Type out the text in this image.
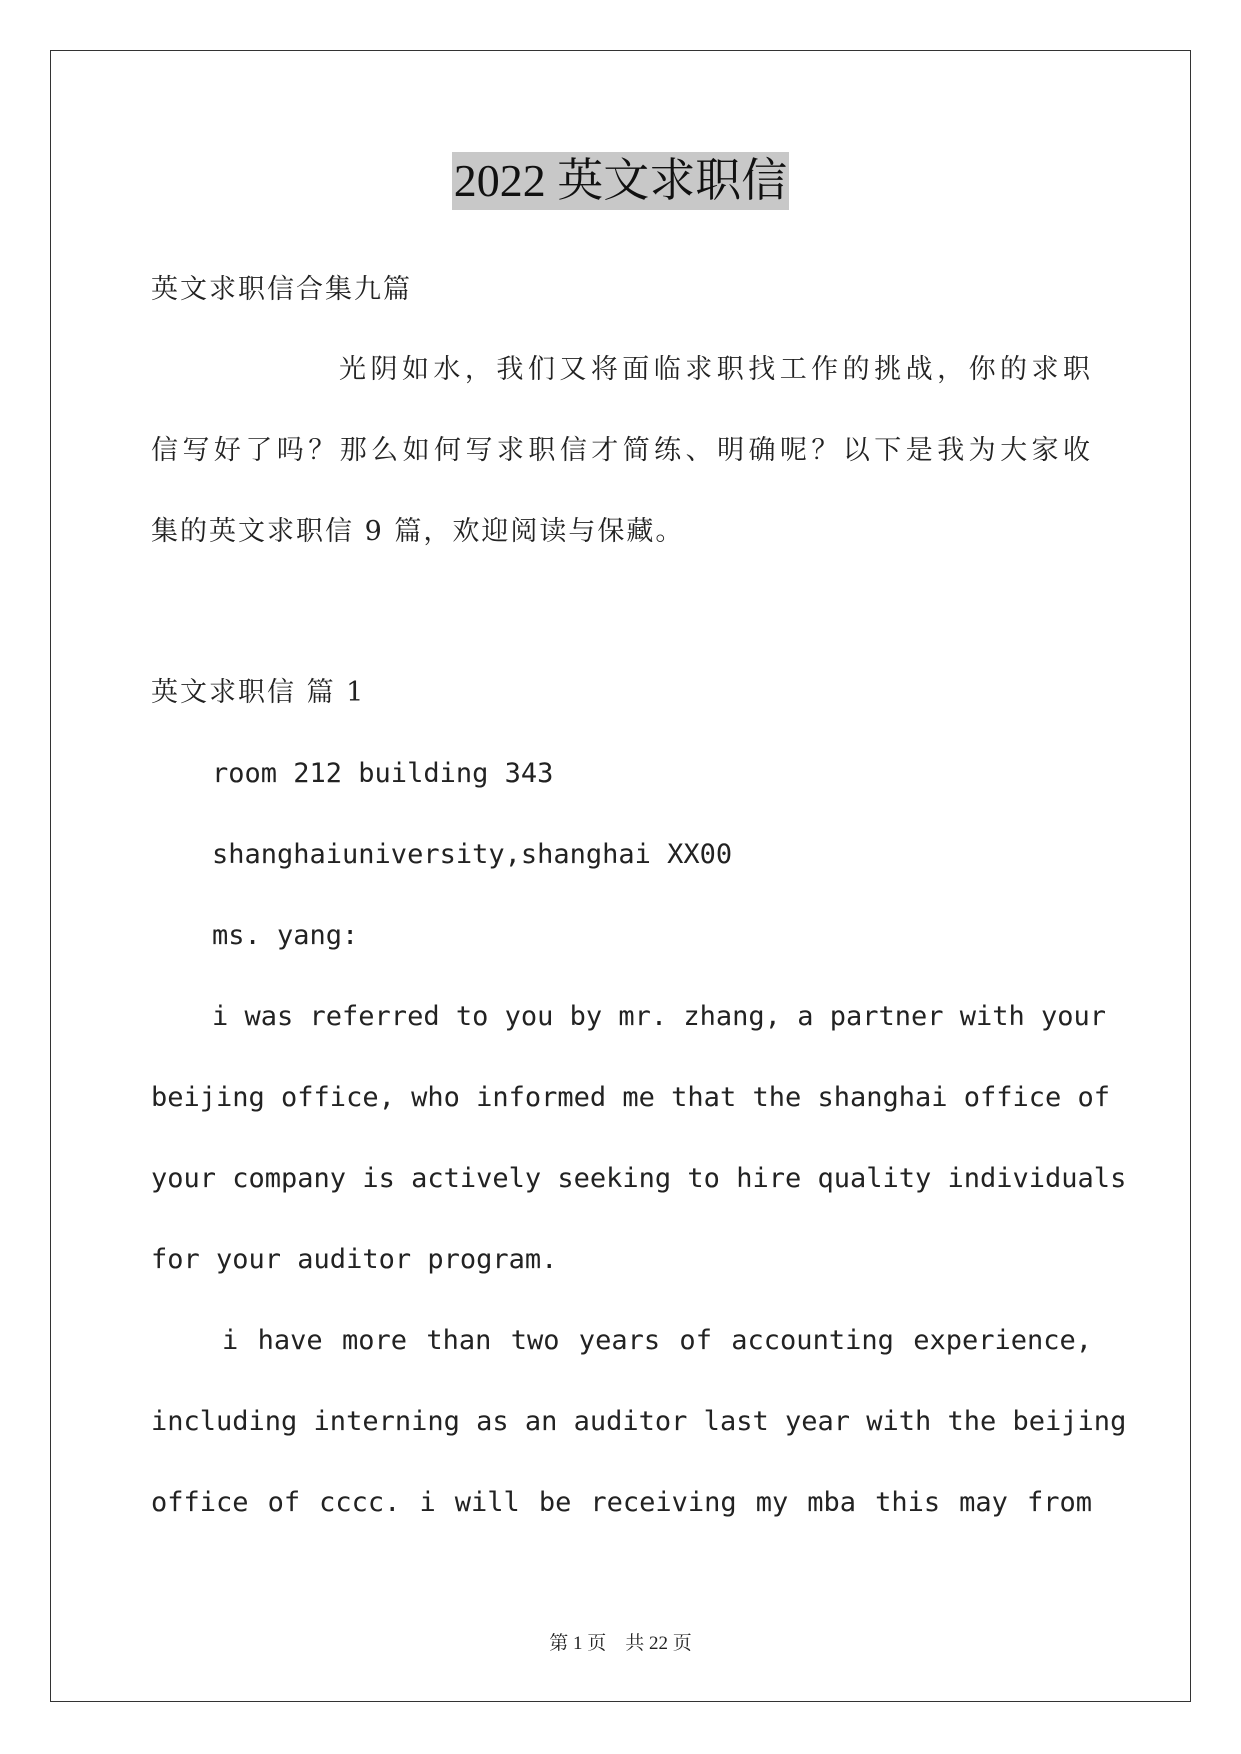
2022 英文求职信
英文求职信合集九篇
光阴如水，我们又将面临求职找工作的挑战，你的求职
信写好了吗？那么如何写求职信才简练、明确呢？以下是我为大家收
集的英文求职信 9 篇，欢迎阅读与保藏。
英文求职信 篇 1
room 212 building 343
shanghaiuniversity,shanghai XX00
ms. yang:
i was referred to you by mr. zhang, a partner with your
beijing office, who informed me that the shanghai office of
your company is actively seeking to hire quality individuals
for your auditor program.
i have more than two years of accounting experience,
including interning as an auditor last year with the beijing
office of cccc. i will be receiving my mba this may from
第 1 页　共 22 页
